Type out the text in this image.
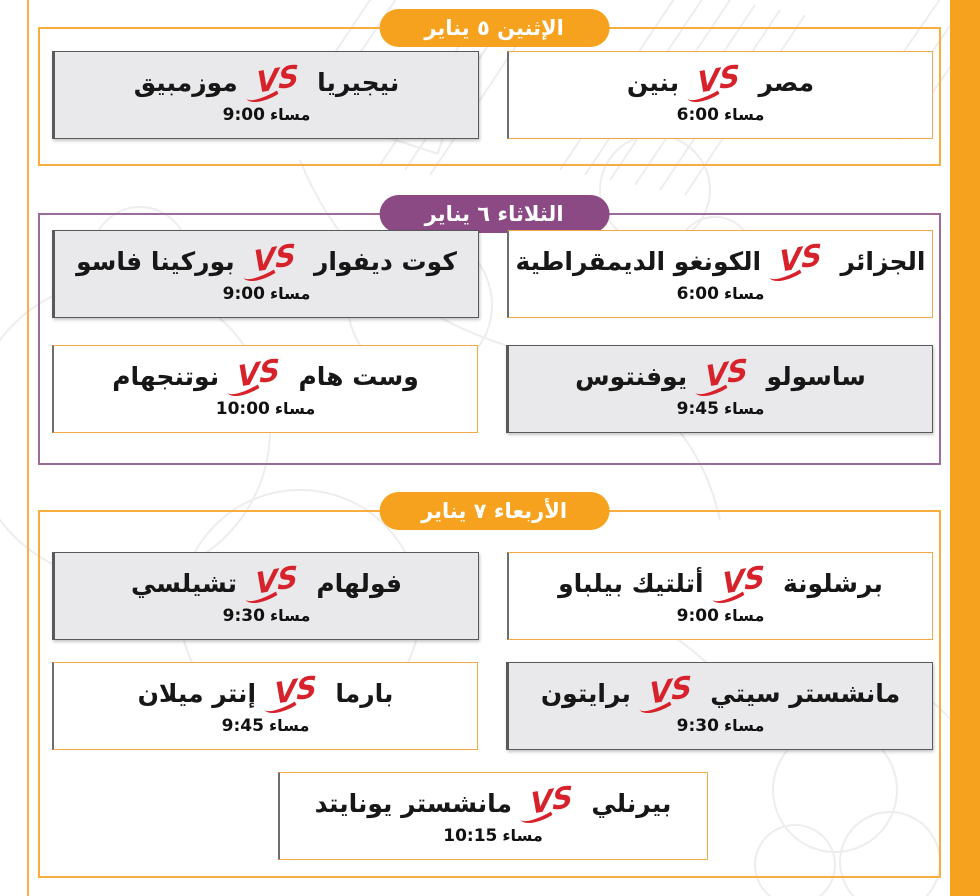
الإثنين ٥ يناير
مصر
VS
بنين
6:00 مساء
نيجيريا
VS
موزمبيق
9:00 مساء
الثلاثاء ٦ يناير
الجزائر
VS
الكونغو الديمقراطية
6:00 مساء
كوت ديفوار
VS
بوركينا فاسو
9:00 مساء
ساسولو
VS
يوفنتوس
9:45 مساء
وست هام
VS
نوتنجهام
10:00 مساء
الأربعاء ٧ يناير
برشلونة
VS
أتلتيك بيلباو
9:00 مساء
فولهام
VS
تشيلسي
9:30 مساء
مانشستر سيتي
VS
برايتون
9:30 مساء
بارما
VS
إنتر ميلان
9:45 مساء
بيرنلي
VS
مانشستر يونايتد
10:15 مساء
